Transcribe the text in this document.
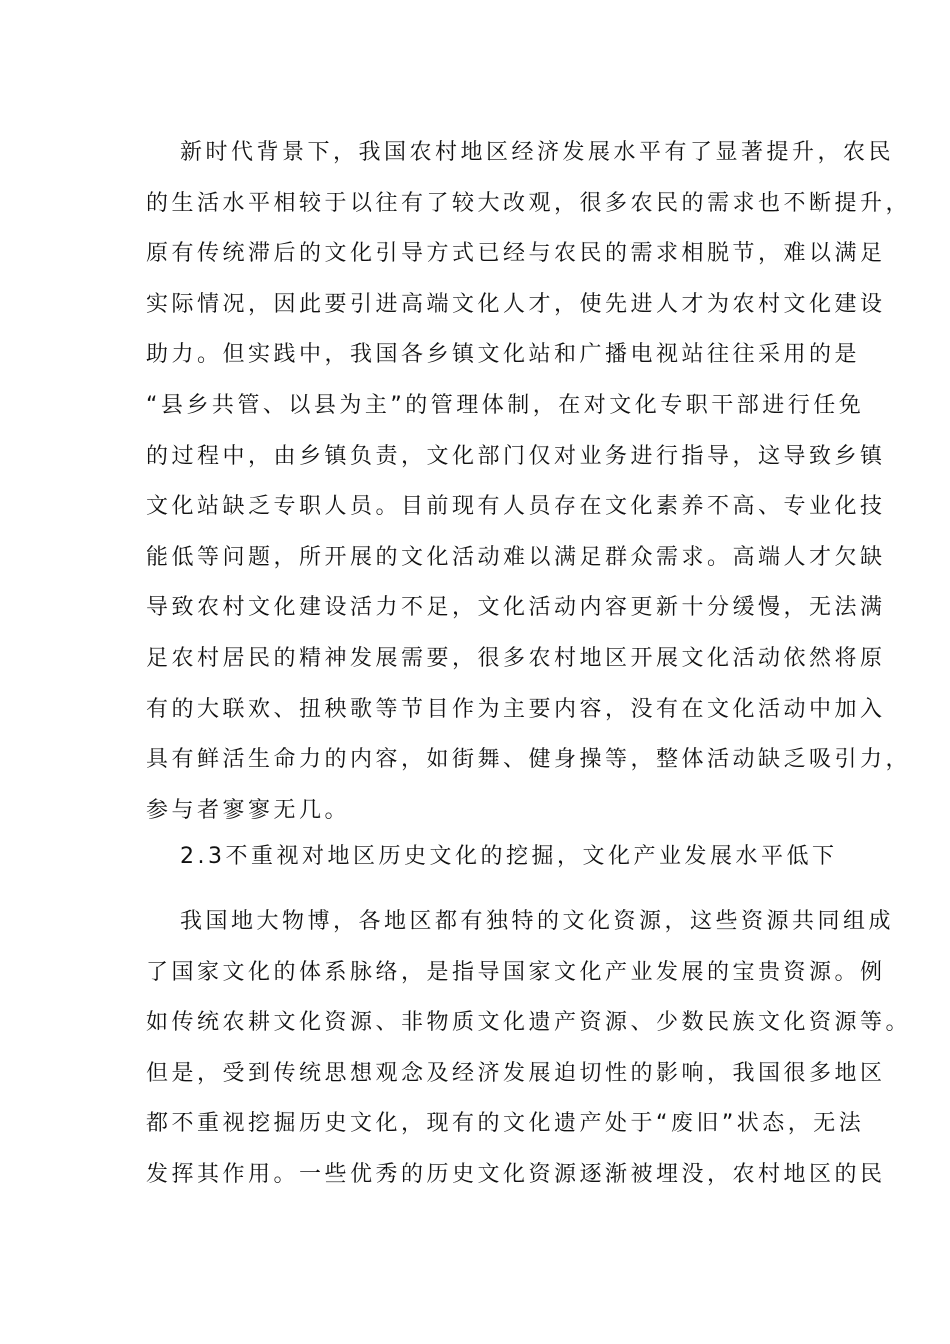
新时代背景下，我国农村地区经济发展水平有了显著提升，农民
的生活水平相较于以往有了较大改观，很多农民的需求也不断提升，
原有传统滞后的文化引导方式已经与农民的需求相脱节，难以满足
实际情况，因此要引进高端文化人才，使先进人才为农村文化建设
助力。但实践中，我国各乡镇文化站和广播电视站往往采用的是
“县乡共管、以县为主”的管理体制，在对文化专职干部进行任免
的过程中，由乡镇负责，文化部门仅对业务进行指导，这导致乡镇
文化站缺乏专职人员。目前现有人员存在文化素养不高、专业化技
能低等问题，所开展的文化活动难以满足群众需求。高端人才欠缺
导致农村文化建设活力不足，文化活动内容更新十分缓慢，无法满
足农村居民的精神发展需要，很多农村地区开展文化活动依然将原
有的大联欢、扭秧歌等节目作为主要内容，没有在文化活动中加入
具有鲜活生命力的内容，如街舞、健身操等，整体活动缺乏吸引力，
参与者寥寥无几。
2.3不重视对地区历史文化的挖掘，文化产业发展水平低下
我国地大物博，各地区都有独特的文化资源，这些资源共同组成
了国家文化的体系脉络，是指导国家文化产业发展的宝贵资源。例
如传统农耕文化资源、非物质文化遗产资源、少数民族文化资源等。
但是，受到传统思想观念及经济发展迫切性的影响，我国很多地区
都不重视挖掘历史文化，现有的文化遗产处于“废旧”状态，无法
发挥其作用。一些优秀的历史文化资源逐渐被埋没，农村地区的民
